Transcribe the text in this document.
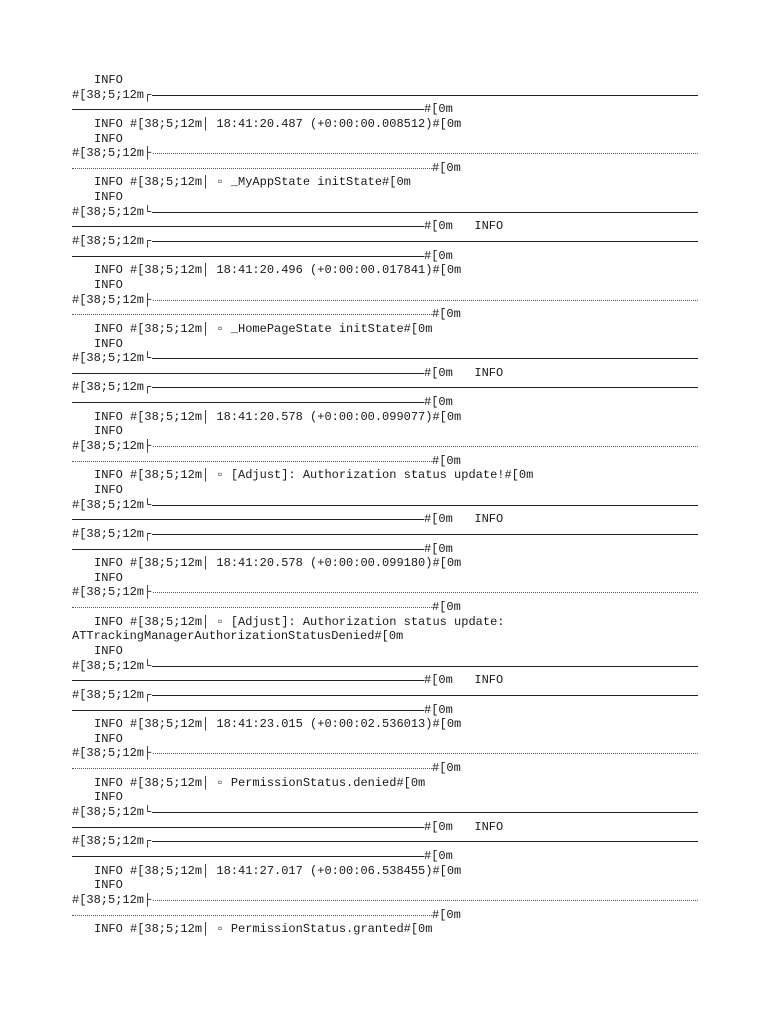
INFO
#[38;5;12m┌
#[0m
INFO #[38;5;12m│ 18:41:20.487 (+0:00:00.008512)#[0m
INFO
#[38;5;12m├
#[0m
INFO #[38;5;12m│ ▫ _MyAppState initState#[0m
INFO
#[38;5;12m└
#[0m   INFO
#[38;5;12m┌
#[0m
INFO #[38;5;12m│ 18:41:20.496 (+0:00:00.017841)#[0m
INFO
#[38;5;12m├
#[0m
INFO #[38;5;12m│ ▫ _HomePageState initState#[0m
INFO
#[38;5;12m└
#[0m   INFO
#[38;5;12m┌
#[0m
INFO #[38;5;12m│ 18:41:20.578 (+0:00:00.099077)#[0m
INFO
#[38;5;12m├
#[0m
INFO #[38;5;12m│ ▫ [Adjust]: Authorization status update!#[0m
INFO
#[38;5;12m└
#[0m   INFO
#[38;5;12m┌
#[0m
INFO #[38;5;12m│ 18:41:20.578 (+0:00:00.099180)#[0m
INFO
#[38;5;12m├
#[0m
INFO #[38;5;12m│ ▫ [Adjust]: Authorization status update:
ATTrackingManagerAuthorizationStatusDenied#[0m
INFO
#[38;5;12m└
#[0m   INFO
#[38;5;12m┌
#[0m
INFO #[38;5;12m│ 18:41:23.015 (+0:00:02.536013)#[0m
INFO
#[38;5;12m├
#[0m
INFO #[38;5;12m│ ▫ PermissionStatus.denied#[0m
INFO
#[38;5;12m└
#[0m   INFO
#[38;5;12m┌
#[0m
INFO #[38;5;12m│ 18:41:27.017 (+0:00:06.538455)#[0m
INFO
#[38;5;12m├
#[0m
INFO #[38;5;12m│ ▫ PermissionStatus.granted#[0m
